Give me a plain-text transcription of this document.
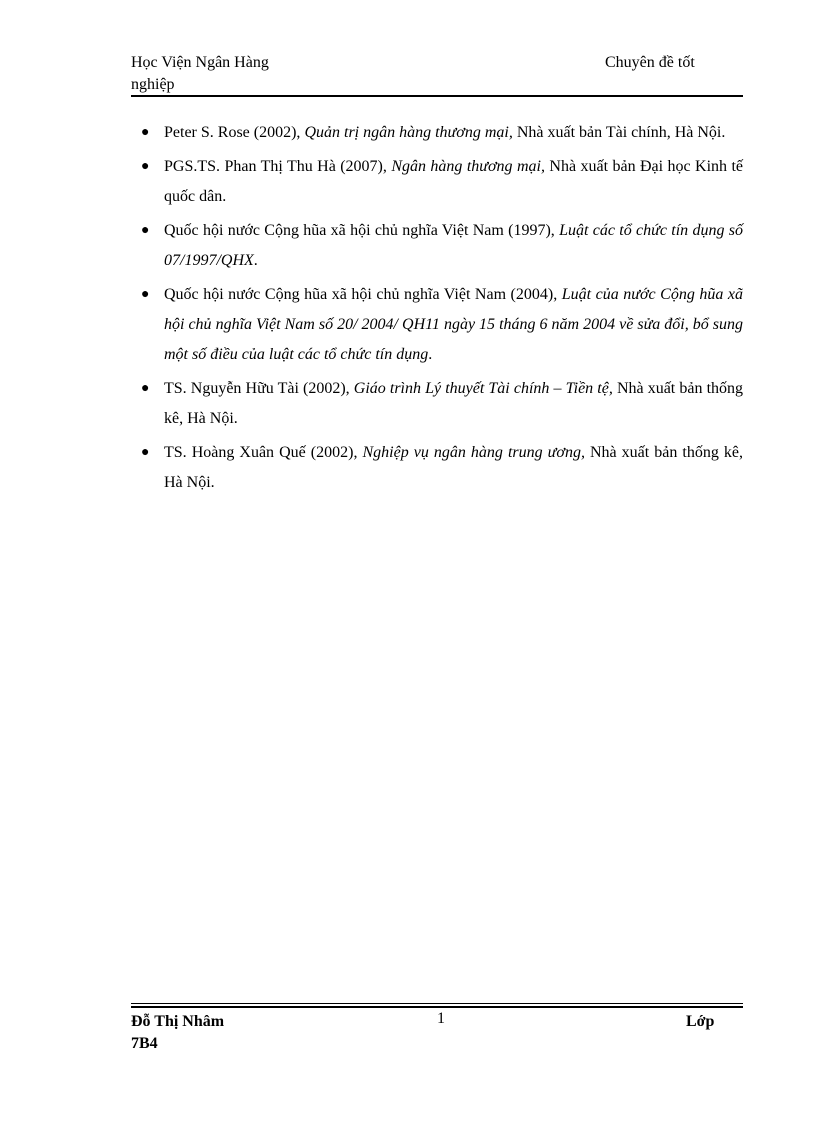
Học Viện Ngân Hàng
nghiệp
Chuyên đề tốt
● Peter S. Rose (2002), Quản trị ngân hàng thương mại, Nhà xuất bản Tài chính, Hà Nội.
● PGS.TS. Phan Thị Thu Hà (2007), Ngân hàng thương mại, Nhà xuất bản Đại học Kinh tế quốc dân.
● Quốc hội nước Cộng hũa xã hội chủ nghĩa Việt Nam (1997), Luật các tổ chức tín dụng số 07/1997/QHX.
● Quốc hội nước Cộng hũa xã hội chủ nghĩa Việt Nam (2004), Luật của nước Cộng hũa xã hội chủ nghĩa Việt Nam số 20/ 2004/ QH11 ngày 15 tháng 6 năm 2004 về sửa đổi, bổ sung một số điều của luật các tổ chức tín dụng.
● TS. Nguyễn Hữu Tài (2002), Giáo trình Lý thuyết Tài chính – Tiền tệ, Nhà xuất bản thống kê, Hà Nội.
● TS. Hoàng Xuân Quế (2002), Nghiệp vụ ngân hàng trung ương, Nhà xuất bản thống kê, Hà Nội.
Đỗ Thị Nhâm
7B4
1	Lớp
